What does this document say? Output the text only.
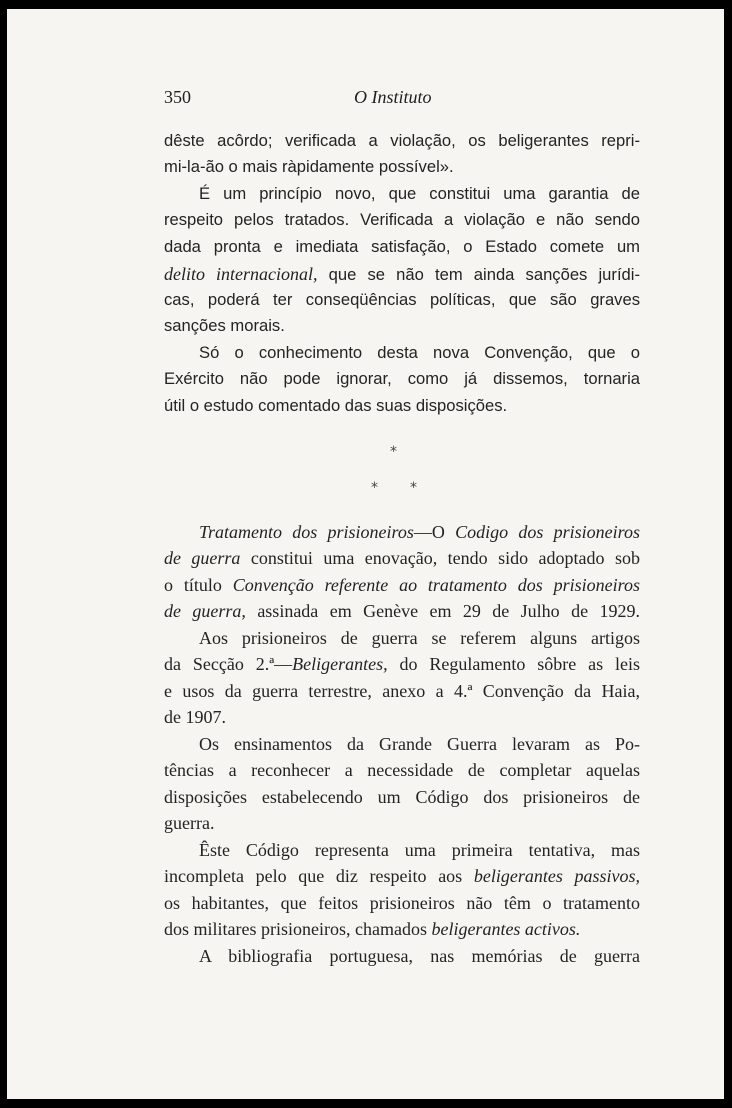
350	O Instituto
dêste acôrdo; verificada a violação, os beligerantes repri-
mi-la-ão o mais ràpidamente possível».
É um princípio novo, que constitui uma garantia de
respeito pelos tratados. Verificada a violação e não sendo
dada pronta e imediata satisfação, o Estado comete um
delito internacional, que se não tem ainda sanções jurídi-
cas, poderá ter conseqüências políticas, que são graves
sanções morais.
Só o conhecimento desta nova Convenção, que o
Exército não pode ignorar, como já dissemos, tornaria
útil o estudo comentado das suas disposições.
*
* *
Tratamento dos prisioneiros—O Codigo dos prisioneiros
de guerra constitui uma enovação, tendo sido adoptado sob
o título Convenção referente ao tratamento dos prisioneiros
de guerra, assinada em Genève em 29 de Julho de 1929.
Aos prisioneiros de guerra se referem alguns artigos
da Secção 2.ª—Beligerantes, do Regulamento sôbre as leis
e usos da guerra terrestre, anexo a 4.ª Convenção da Haia,
de 1907.
Os ensinamentos da Grande Guerra levaram as Po-
tências a reconhecer a necessidade de completar aquelas
disposições estabelecendo um Código dos prisioneiros de
guerra.
Êste Código representa uma primeira tentativa, mas
incompleta pelo que diz respeito aos beligerantes passivos,
os habitantes, que feitos prisioneiros não têm o tratamento
dos militares prisioneiros, chamados beligerantes activos.
A bibliografia portuguesa, nas memórias de guerra
